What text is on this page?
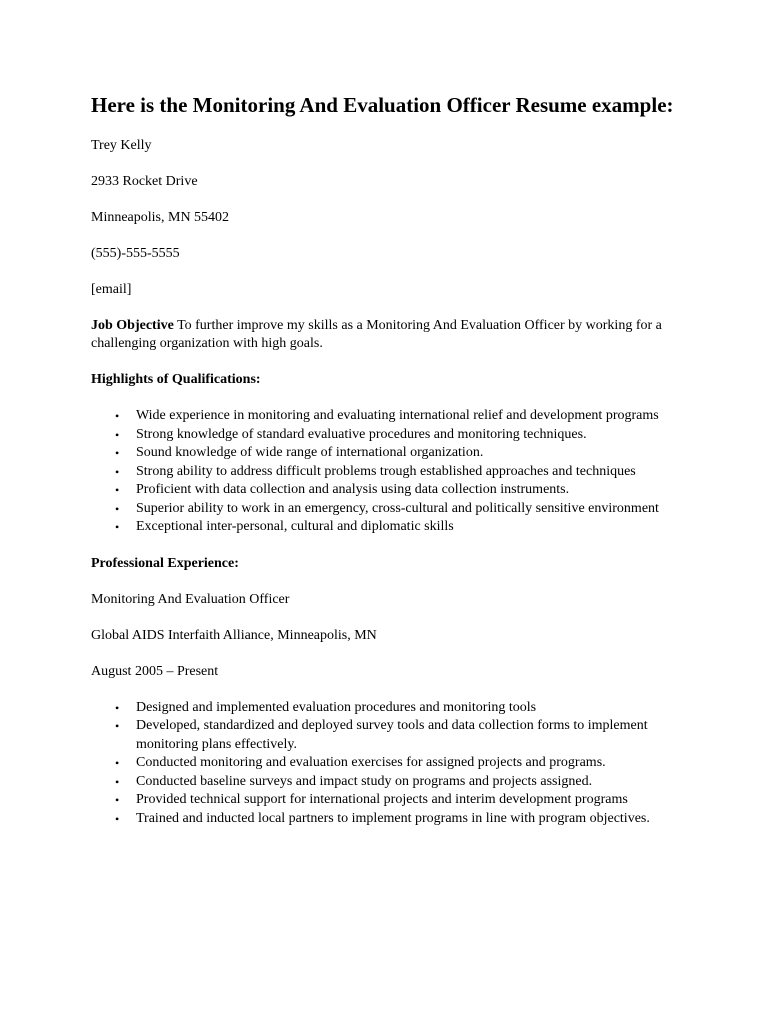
Here is the Monitoring And Evaluation Officer Resume example:
Trey Kelly
2933 Rocket Drive
Minneapolis, MN 55402
(555)-555-5555
[email]
Job Objective To further improve my skills as a Monitoring And Evaluation Officer by working for a challenging organization with high goals.
Highlights of Qualifications:
• Wide experience in monitoring and evaluating international relief and development programs
• Strong knowledge of standard evaluative procedures and monitoring techniques.
• Sound knowledge of wide range of international organization.
• Strong ability to address difficult problems trough established approaches and techniques
• Proficient with data collection and analysis using data collection instruments.
• Superior ability to work in an emergency, cross-cultural and politically sensitive environment
• Exceptional inter-personal, cultural and diplomatic skills
Professional Experience:
Monitoring And Evaluation Officer
Global AIDS Interfaith Alliance, Minneapolis, MN
August 2005 – Present
• Designed and implemented evaluation procedures and monitoring tools
• Developed, standardized and deployed survey tools and data collection forms to implement monitoring plans effectively.
• Conducted monitoring and evaluation exercises for assigned projects and programs.
• Conducted baseline surveys and impact study on programs and projects assigned.
• Provided technical support for international projects and interim development programs
• Trained and inducted local partners to implement programs in line with program objectives.
